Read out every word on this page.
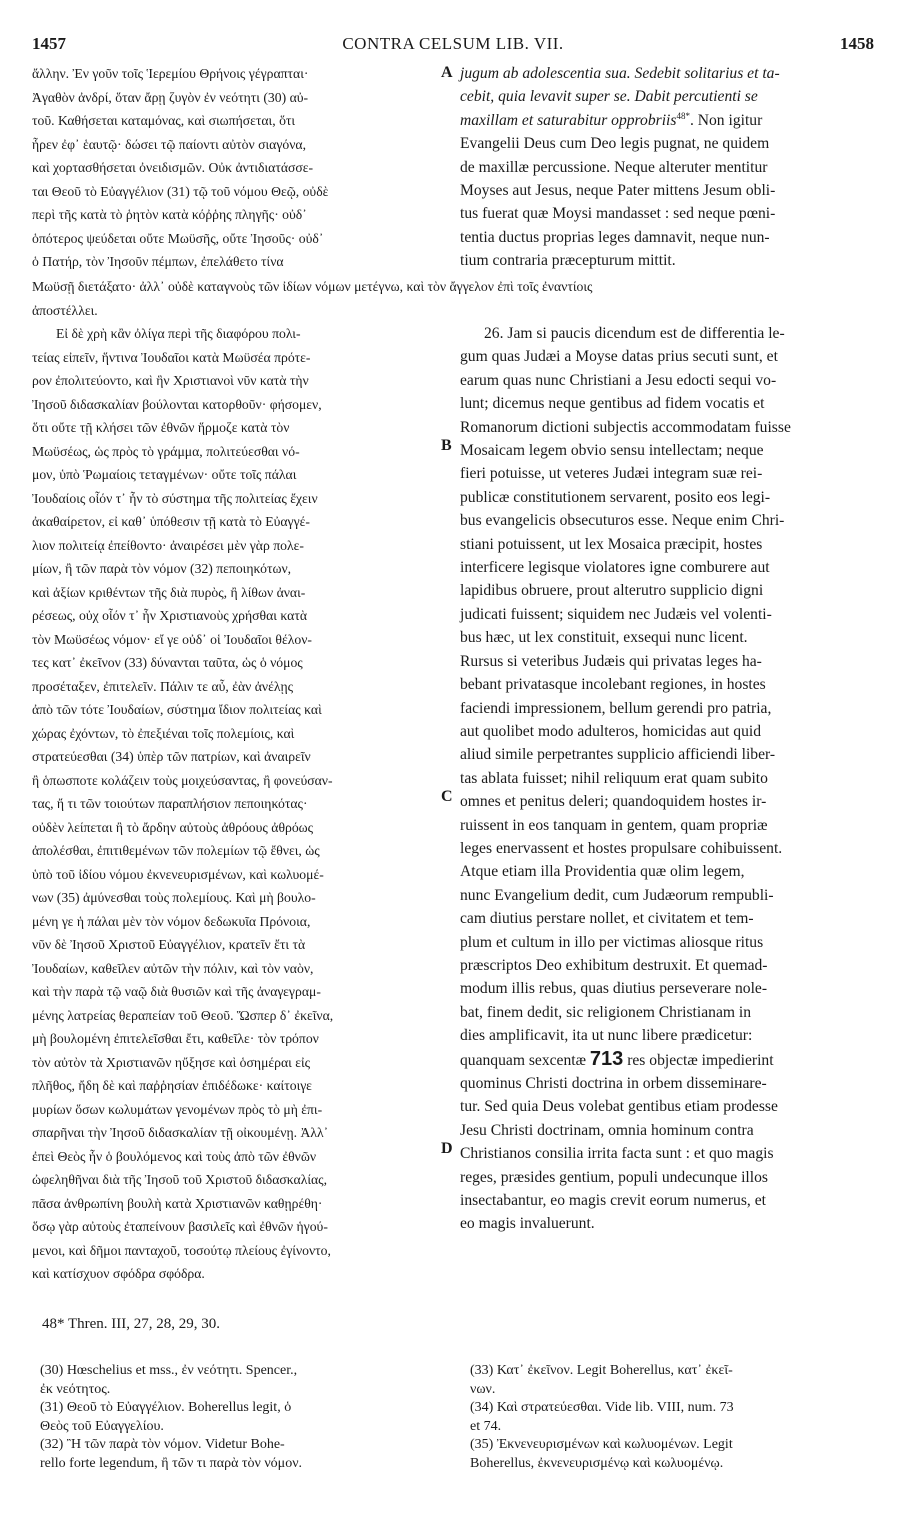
1457	CONTRA CELSUM LIB. VII.	1458

ἄλλην. Ἐν γοῦν τοῖς Ἱερεμίου Θρήνοις γέγραπται·

Ἀγαθὸν ἀνδρί, ὅταν ἄρῃ ζυγὸν ἐν νεότητι (30) αὐ-

τοῦ. Καθήσεται καταμόνας, καὶ σιωπήσεται, ὅτι

ἦρεν ἐφ᾽ ἑαυτῷ· δώσει τῷ παίοντι αὐτὸν σιαγόνα,

καὶ χορτασθήσεται ὀνειδισμῶν. Οὐκ ἀντιδιατάσσε-

ται Θεοῦ τὸ Εὐαγγέλιον (31) τῷ τοῦ νόμου Θεῷ, οὐδὲ

περὶ τῆς κατὰ τὸ ῥητὸν κατὰ κόῤῥης πληγῆς· οὐδ᾽

ὁπότερος ψεύδεται οὔτε Μωϋσῆς, οὔτε Ἰησοῦς· οὐδ᾽

ὁ Πατήρ, τὸν Ἰησοῦν πέμπων, ἐπελάθετο τίνα

A jugum ab adolescentia sua. Sedebit solitarius et ta-

cebit, quia levavit super se. Dabit percutienti se

maxillam et saturabitur opprobriis$^{48*}$. Non igitur

Evangelii Deus cum Deo legis pugnat, ne quidem

de maxillæ percussione. Neque alteruter mentitur

Moyses aut Jesus, neque Pater mittens Jesum obli-

tus fuerat quæ Moysi mandasset : sed neque pœni-

tentia ductus proprias leges damnavit, neque nun-

tium contraria præcepturum mittit.

Μωϋσῇ διετάξατο· ἀλλ᾽ οὐδὲ καταγνοὺς τῶν ἰδίων νόμων μετέγνω, καὶ τὸν ἄγγελον ἐπὶ τοῖς ἐναντίοις

ἀποστέλλει.

Εἰ δὲ χρὴ κἂν ὀλίγα περὶ τῆς διαφόρου πολι-

τείας εἰπεῖν, ἥντινα Ἰουδαῖοι κατὰ Μωϋσέα πρότε-

ρον ἐπολιτεύοντο, καὶ ἣν Χριστιανοὶ νῦν κατὰ τὴν

Ἰησοῦ διδασκαλίαν βούλονται κατορθοῦν· φήσομεν,

ὅτι οὔτε τῇ κλήσει τῶν ἐθνῶν ἥρμοζε κατὰ τὸν

Μωϋσέως, ὡς πρὸς τὸ γράμμα, πολιτεύεσθαι νό-

μον, ὑπὸ Ῥωμαίοις τεταγμένων· οὔτε τοῖς πάλαι

Ἰουδαίοις οἷόν τ᾽ ἦν τὸ σύστημα τῆς πολιτείας ἔχειν

ἀκαθαίρετον, εἰ καθ᾽ ὑπόθεσιν τῇ κατὰ τὸ Εὐαγγέ-

λιον πολιτείᾳ ἐπείθοντο· ἀναιρέσει μὲν γὰρ πολε-

μίων, ἢ τῶν παρὰ τὸν νόμον (32) πεποιηκότων,

καὶ ἀξίων κριθέντων τῆς διὰ πυρὸς, ἢ λίθων ἀναι-

ρέσεως, οὐχ οἷόν τ᾽ ἦν Χριστιανοὺς χρήσθαι κατὰ

τὸν Μωϋσέως νόμον· εἴ γε οὐδ᾽ οἱ Ἰουδαῖοι θέλον-

τες κατ᾽ ἐκεῖνον (33) δύνανται ταῦτα, ὡς ὁ νόμος

προσέταξεν, ἐπιτελεῖν. Πάλιν τε αὖ, ἐὰν ἀνέλῃς

ἀπὸ τῶν τότε Ἰουδαίων, σύστημα ἴδιον πολιτείας καὶ

χώρας ἐχόντων, τὸ ἐπεξιέναι τοῖς πολεμίοις, καὶ

στρατεύεσθαι (34) ὑπὲρ τῶν πατρίων, καὶ ἀναιρεῖν

ἢ ὁπωσποτε κολάζειν τοὺς μοιχεύσαντας, ἢ φονεύσαν-

τας, ἤ τι τῶν τοιούτων παραπλήσιον πεποιηκότας·

οὐδὲν λείπεται ἢ τὸ ἄρδην αὐτοὺς ἀθρόους ἀθρόως

ἀπολέσθαι, ἐπιτιθεμένων τῶν πολεμίων τῷ ἔθνει, ὡς

ὑπὸ τοῦ ἰδίου νόμου ἐκνενευρισμένων, καὶ κωλυομέ-

νων (35) ἀμύνεσθαι τοὺς πολεμίους. Καὶ μὴ βουλο-

μένη γε ἡ πάλαι μὲν τὸν νόμον δεδωκυῖα Πρόνοια,

νῦν δὲ Ἰησοῦ Χριστοῦ Εὐαγγέλιον, κρατεῖν ἔτι τὰ

Ἰουδαίων, καθεῖλεν αὐτῶν τὴν πόλιν, καὶ τὸν ναὸν,

καὶ τὴν παρὰ τῷ ναῷ διὰ θυσιῶν καὶ τῆς ἀναγεγραμ-

μένης λατρείας θεραπείαν τοῦ Θεοῦ. Ὥσπερ δ᾽ ἐκεῖνα,

μὴ βουλομένη ἐπιτελεῖσθαι ἔτι, καθεῖλε· τὸν τρόπον

τὸν αὐτὸν τὰ Χριστιανῶν ηὔξησε καὶ ὁσημέραι εἰς

πλῆθος, ἤδη δὲ καὶ παῤῥησίαν ἐπιδέδωκε· καίτοιγε

μυρίων ὅσων κωλυμάτων γενομένων πρὸς τὸ μὴ ἐπι-

σπαρῆναι τὴν Ἰησοῦ διδασκαλίαν τῇ οἰκουμένῃ. Ἀλλ᾽

ἐπεὶ Θεὸς ἦν ὁ βουλόμενος καὶ τοὺς ἀπὸ τῶν ἐθνῶν

ὠφεληθῆναι διὰ τῆς Ἰησοῦ τοῦ Χριστοῦ διδασκαλίας,

πᾶσα ἀνθρωπίνη βουλὴ κατὰ Χριστιανῶν καθῃρέθη·

ὅσῳ γὰρ αὐτοὺς ἐταπείνουν βασιλεῖς καὶ ἐθνῶν ἡγού-

μενοι, καὶ δῆμοι πανταχοῦ, τοσούτῳ πλείους ἐγίνοντο,

καὶ κατίσχυον σφόδρα σφόδρα.

B
C
D

26. Jam si paucis dicendum est de differentia le-

gum quas Judæi a Moyse datas prius secuti sunt, et

earum quas nunc Christiani a Jesu edocti sequi vo-

lunt; dicemus neque gentibus ad fidem vocatis et

Romanorum dictioni subjectis accommodatam fuisse

Mosaicam legem obvio sensu intellectam; neque

fieri potuisse, ut veteres Judæi integram suæ rei-

publicæ constitutionem servarent, posito eos legi-

bus evangelicis obsecuturos esse. Neque enim Chri-

stiani potuissent, ut lex Mosaica præcipit, hostes

interficere legisque violatores igne comburere aut

lapidibus obruere, prout alterutro supplicio digni

judicati fuissent; siquidem nec Judæis vel volenti-

bus hæc, ut lex constituit, exsequi nunc licent.

Rursus si veteribus Judæis qui privatas leges ha-

bebant privatasque incolebant regiones, in hostes

faciendi impressionem, bellum gerendi pro patria,

aut quolibet modo adulteros, homicidas aut quid

aliud simile perpetrantes supplicio afficiendi liber-

tas ablata fuisset; nihil reliquum erat quam subito

omnes et penitus deleri; quandoquidem hostes ir-

ruissent in eos tanquam in gentem, quam propriæ

leges enervassent et hostes propulsare cohibuissent.

Atque etiam illa Providentia quæ olim legem,

nunc Evangelium dedit, cum Judæorum rempubli-

cam diutius perstare nollet, et civitatem et tem-

plum et cultum in illo per victimas aliosque ritus

præscriptos Deo exhibitum destruxit. Et quemad-

modum illis rebus, quas diutius perseverare nole-

bat, finem dedit, sic religionem Christianam in

dies amplificavit, ita ut nunc libere prædicetur:

quanquam sexcentæ 713 res objectæ impedierint

quominus Christi doctrina in orbem dissemінаre-

tur. Sed quia Deus volebat gentibus etiam prodesse

Jesu Christi doctrinam, omnia hominum contra

Christianos consilia irrita facta sunt : et quo magis

reges, præsides gentium, populi undecunque illos

insectabantur, eo magis crevit eorum numerus, et

eo magis invaluerunt.

48* Thren. III, 27, 28, 29, 30.

(30) Hœschelius et mss., ἐν νεότητι. Spencer.,

ἐκ νεότητος.

(31) Θεοῦ τὸ Εὐαγγέλιον. Boherellus legit, ὁ

Θεὸς τοῦ Εὐαγγελίου.

(32) Ἢ τῶν παρὰ τὸν νόμον. Videtur Bohe-

rello forte legendum, ἢ τῶν τι παρὰ τὸν νόμον.

(33) Κατ᾽ ἐκεῖνον. Legit Boherellus, κατ᾽ ἐκεῖ-

νων.

(34) Καὶ στρατεύεσθαι. Vide lib. VIII, num. 73

et 74.

(35) Ἐκνενευρισμένων καὶ κωλυομένων. Legit

Boherellus, ἐκνενευρισμένῳ καὶ κωλυομένῳ.
